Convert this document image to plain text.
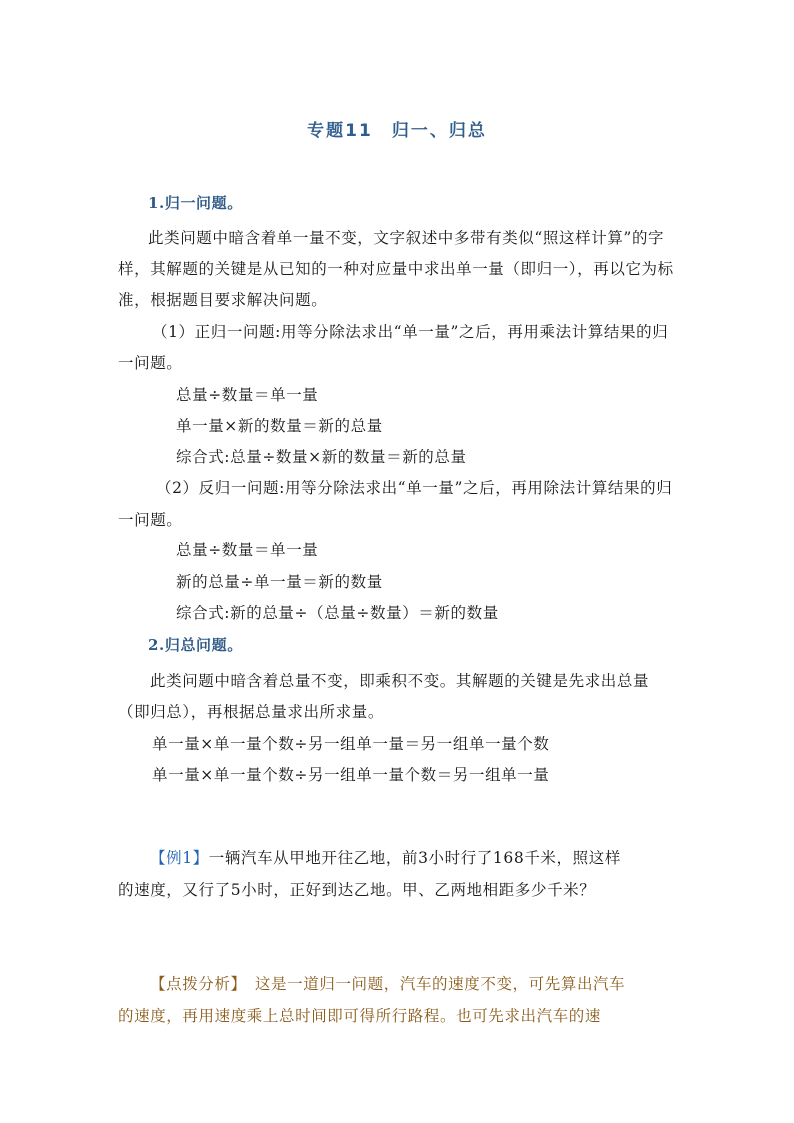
专题11　归一、归总
1.归一问题。
此类问题中暗含着单一量不变，文字叙述中多带有类似“照这样计算”的字
样，其解题的关键是从已知的一种对应量中求出单一量（即归一），再以它为标
准，根据题目要求解决问题。
（1）正归一问题:用等分除法求出“单一量”之后，再用乘法计算结果的归
一问题。
总量÷数量＝单一量
单一量×新的数量＝新的总量
综合式:总量÷数量×新的数量＝新的总量
（2）反归一问题:用等分除法求出“单一量”之后，再用除法计算结果的归
一问题。
总量÷数量＝单一量
新的总量÷单一量＝新的数量
综合式:新的总量÷（总量÷数量）＝新的数量
2.归总问题。
此类问题中暗含着总量不变，即乘积不变。其解题的关键是先求出总量
（即归总），再根据总量求出所求量。
单一量×单一量个数÷另一组单一量＝另一组单一量个数
单一量×单一量个数÷另一组单一量个数＝另一组单一量
【例1】一辆汽车从甲地开往乙地，前3小时行了168千米，照这样
的速度，又行了5小时，正好到达乙地。甲、乙两地相距多少千米？
【点拨分析】　这是一道归一问题，汽车的速度不变，可先算出汽车
的速度，再用速度乘上总时间即可得所行路程。也可先求出汽车的速
